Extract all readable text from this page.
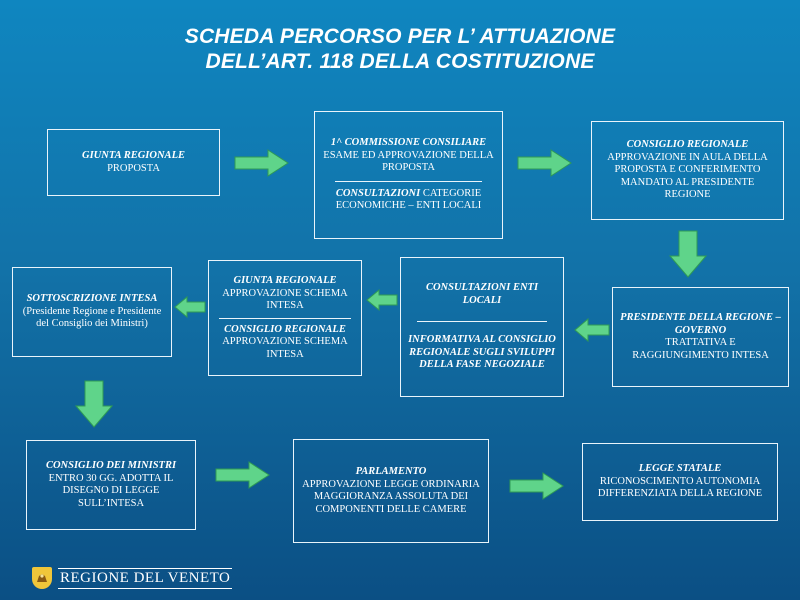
SCHEDA PERCORSO PER L’ ATTUAZIONE
DELL’ART. 118 DELLA COSTITUZIONE
GIUNTA REGIONALE
PROPOSTA
1^ COMMISSIONE CONSILIARE
ESAME ED APPROVAZIONE DELLA PROPOSTA
CONSULTAZIONI CATEGORIE ECONOMICHE – ENTI LOCALI
CONSIGLIO REGIONALE
APPROVAZIONE IN AULA DELLA PROPOSTA E CONFERIMENTO MANDATO AL PRESIDENTE REGIONE
SOTTOSCRIZIONE INTESA
(Presidente Regione e Presidente del Consiglio dei Ministri)
GIUNTA REGIONALE
APPROVAZIONE SCHEMA INTESA
CONSIGLIO REGIONALE
APPROVAZIONE SCHEMA INTESA
CONSULTAZIONI ENTI LOCALI
INFORMATIVA AL CONSIGLIO REGIONALE SUGLI SVILUPPI DELLA FASE NEGOZIALE
PRESIDENTE DELLA REGIONE – GOVERNO
TRATTATIVA E RAGGIUNGIMENTO INTESA
CONSIGLIO DEI MINISTRI
ENTRO 30 GG. ADOTTA IL DISEGNO DI LEGGE SULL’INTESA
PARLAMENTO
APPROVAZIONE LEGGE ORDINARIA MAGGIORANZA ASSOLUTA DEI COMPONENTI DELLE CAMERE
LEGGE STATALE
RICONOSCIMENTO AUTONOMIA DIFFERENZIATA DELLA REGIONE
REGIONE DEL VENETO
